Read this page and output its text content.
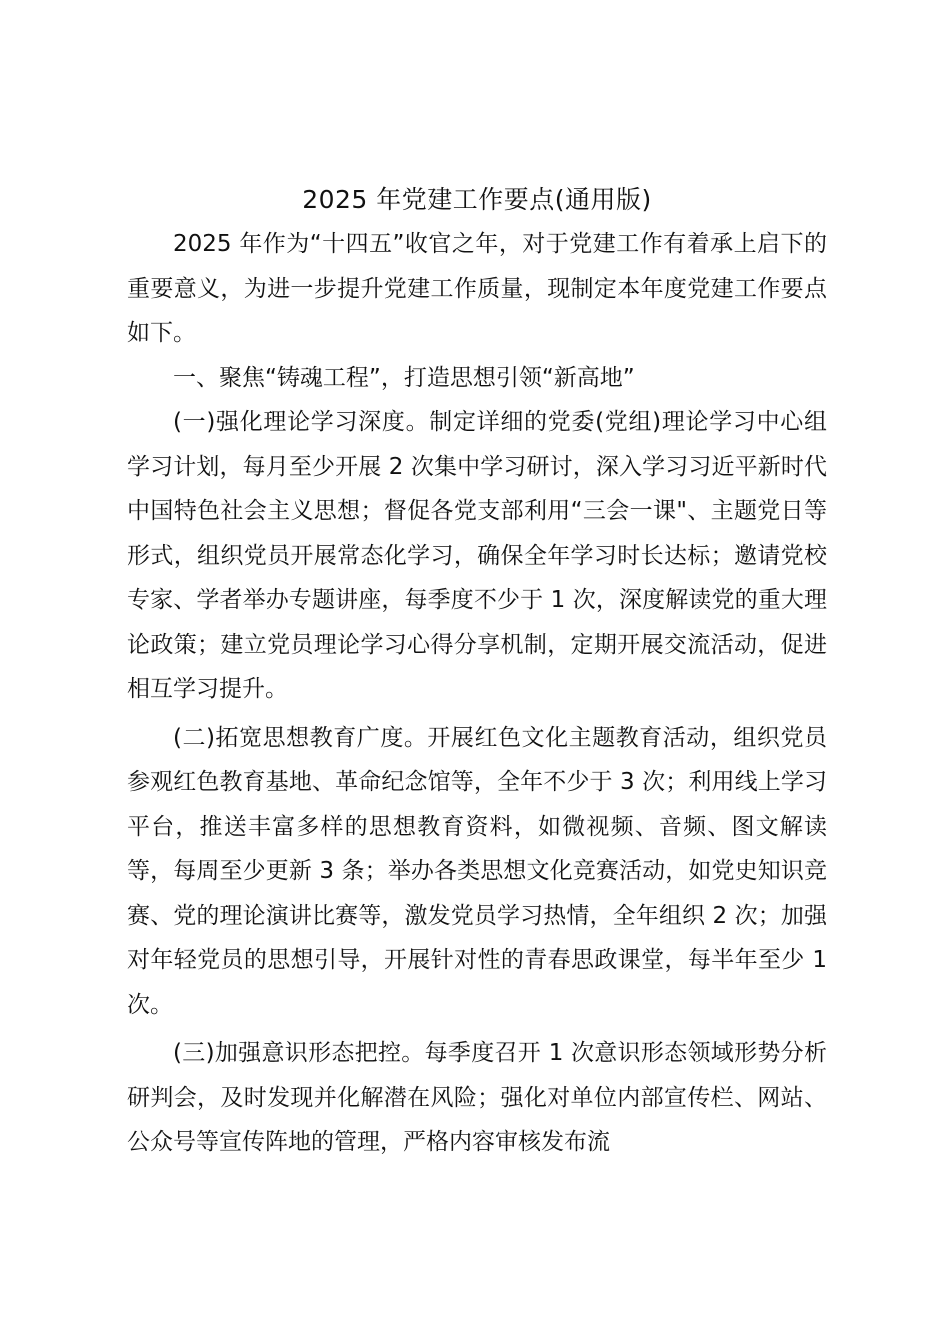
2025 年党建工作要点(通用版)

2025 年作为“十四五”收官之年，对于党建工作有着承上启下的重要意义，为进一步提升党建工作质量，现制定本年度党建工作要点如下。

一、聚焦“铸魂工程”，打造思想引领“新高地”

(一)强化理论学习深度。制定详细的党委(党组)理论学习中心组学习计划，每月至少开展 2 次集中学习研讨，深入学习习近平新时代中国特色社会主义思想；督促各党支部利用“三会一课"、主题党日等形式，组织党员开展常态化学习，确保全年学习时长达标；邀请党校专家、学者举办专题讲座，每季度不少于 1 次，深度解读党的重大理论政策；建立党员理论学习心得分享机制，定期开展交流活动，促进相互学习提升。

(二)拓宽思想教育广度。开展红色文化主题教育活动，组织党员参观红色教育基地、革命纪念馆等，全年不少于 3 次；利用线上学习平台，推送丰富多样的思想教育资料，如微视频、音频、图文解读等，每周至少更新 3 条；举办各类思想文化竞赛活动，如党史知识竞赛、党的理论演讲比赛等，激发党员学习热情，全年组织 2 次；加强对年轻党员的思想引导，开展针对性的青春思政课堂，每半年至少 1 次。

(三)加强意识形态把控。每季度召开 1 次意识形态领域形势分析研判会，及时发现并化解潜在风险；强化对单位内部宣传栏、网站、公众号等宣传阵地的管理，严格内容审核发布流
